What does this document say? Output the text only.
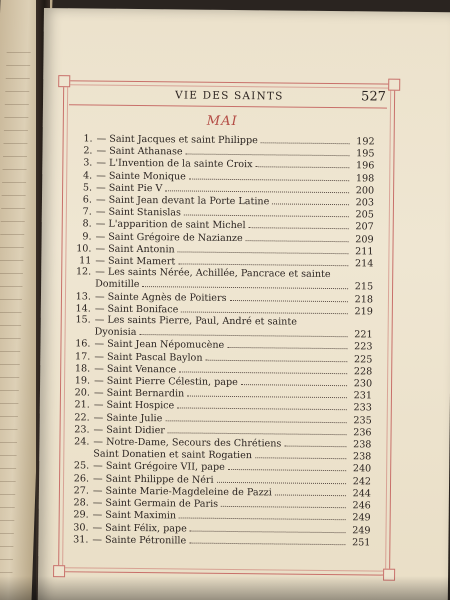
VIE DES SAINTS	527
MAI
1. — Saint Jacques et saint Philippe	192
2. — Saint Athanase	195
3. — L'Invention de la sainte Croix	196
4. — Sainte Monique	198
5. — Saint Pie V	200
6. — Saint Jean devant la Porte Latine	203
7. — Saint Stanislas	205
8. — L'apparition de saint Michel	207
9. — Saint Grégoire de Nazianze	209
10. — Saint Antonin	211
11 — Saint Mamert	214
12. — Les saints Nérée, Achillée, Pancrace et sainte
Domitille	215
13. — Sainte Agnès de Poitiers	218
14. — Saint Boniface	219
15. — Les saints Pierre, Paul, André et sainte
Dyonisia	221
16. — Saint Jean Népomucène	223
17. — Saint Pascal Baylon	225
18. — Saint Venance	228
19. — Saint Pierre Célestin, pape	230
20. — Saint Bernardin	231
21. — Saint Hospice	233
22. — Sainte Julie	235
23. — Saint Didier	236
24. — Notre-Dame, Secours des Chrétiens	238
Saint Donatien et saint Rogatien	238
25. — Saint Grégoire VII, pape	240
26. — Saint Philippe de Néri	242
27. — Sainte Marie-Magdeleine de Pazzi	244
28. — Saint Germain de Paris	246
29. — Saint Maximin	249
30. — Saint Félix, pape	249
31. — Sainte Pétronille	251
